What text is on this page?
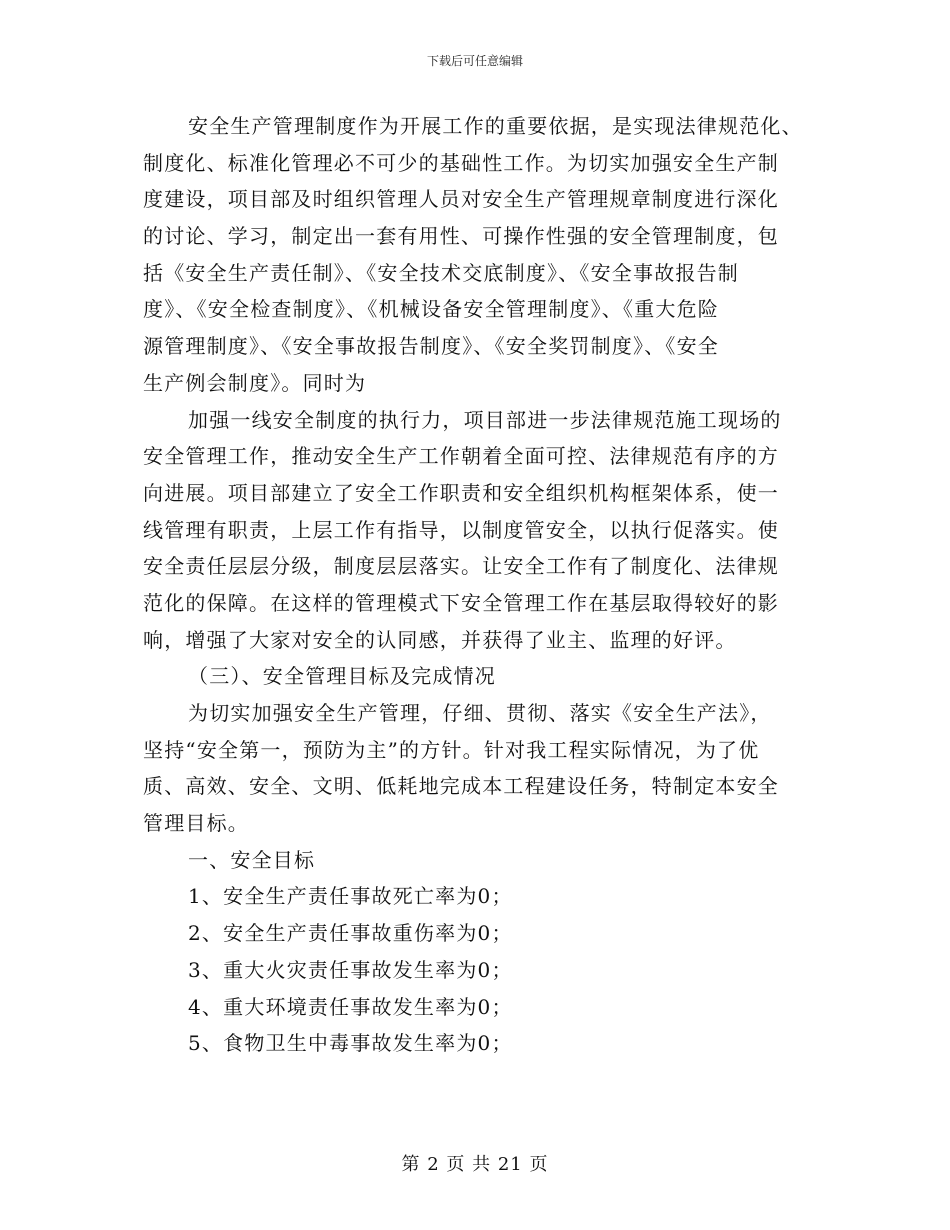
下载后可任意编辑
安全生产管理制度作为开展工作的重要依据，是实现法律规范化、
制度化、标准化管理必不可少的基础性工作。为切实加强安全生产制
度建设，项目部及时组织管理人员对安全生产管理规章制度进行深化
的讨论、学习，制定出一套有用性、可操作性强的安全管理制度，包
括《安全生产责任制》、《安全技术交底制度》、《安全事故报告制
度》、《安全检查制度》、《机械设备安全管理制度》、《重大危险
源管理制度》、《安全事故报告制度》、《安全奖罚制度》、《安全
生产例会制度》。同时为
加强一线安全制度的执行力，项目部进一步法律规范施工现场的
安全管理工作，推动安全生产工作朝着全面可控、法律规范有序的方
向进展。项目部建立了安全工作职责和安全组织机构框架体系，使一
线管理有职责，上层工作有指导，以制度管安全，以执行促落实。使
安全责任层层分级，制度层层落实。让安全工作有了制度化、法律规
范化的保障。在这样的管理模式下安全管理工作在基层取得较好的影
响，增强了大家对安全的认同感，并获得了业主、监理的好评。
（三）、安全管理目标及完成情况
为切实加强安全生产管理，仔细、贯彻、落实《安全生产法》，
坚持“安全第一，预防为主”的方针。针对我工程实际情况，为了优
质、高效、安全、文明、低耗地完成本工程建设任务，特制定本安全
管理目标。
一、安全目标
1、安全生产责任事故死亡率为0；
2、安全生产责任事故重伤率为0；
3、重大火灾责任事故发生率为0；
4、重大环境责任事故发生率为0；
5、食物卫生中毒事故发生率为0；
第 2 页 共 21 页
